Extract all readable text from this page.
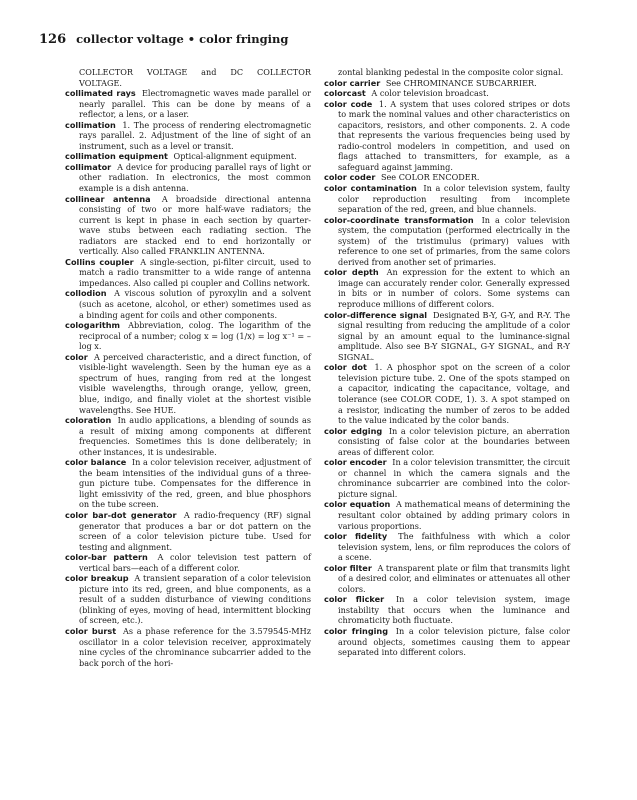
126 collector voltage • color fringing

COLLECTOR VOLTAGE and DC COLLECTOR VOLTAGE.

collimated rays Electromagnetic waves made parallel or nearly parallel. This can be done by means of a reflector, a lens, or a laser.

collimation 1. The process of rendering electromagnetic rays parallel. 2. Adjustment of the line of sight of an instrument, such as a level or transit.

collimation equipment Optical-alignment equipment.

collimator A device for producing parallel rays of light or other radiation. In electronics, the most common example is a dish antenna.

collinear antenna A broadside directional antenna consisting of two or more half-wave radiators; the current is kept in phase in each section by quarter-wave stubs between each radiating section. The radiators are stacked end to end horizontally or vertically. Also called FRANKLIN ANTENNA.

Collins coupler A single-section, pi-filter circuit, used to match a radio transmitter to a wide range of antenna impedances. Also called pi coupler and Collins network.

collodion A viscous solution of pyroxylin and a solvent (such as acetone, alcohol, or ether) sometimes used as a binding agent for coils and other components.

cologarithm Abbreviation, colog. The logarithm of the reciprocal of a number; colog x = log (1/x) = log x⁻¹ = –log x.

color A perceived characteristic, and a direct function, of visible-light wavelength. Seen by the human eye as a spectrum of hues, ranging from red at the longest visible wavelengths, through orange, yellow, green, blue, indigo, and finally violet at the shortest visible wavelengths. See HUE.

coloration In audio applications, a blending of sounds as a result of mixing among components at different frequencies. Sometimes this is done deliberately; in other instances, it is undesirable.

color balance In a color television receiver, adjustment of the beam intensities of the individual guns of a three-gun picture tube. Compensates for the difference in light emissivity of the red, green, and blue phosphors on the tube screen.

color bar-dot generator A radio-frequency (RF) signal generator that produces a bar or dot pattern on the screen of a color television picture tube. Used for testing and alignment.

color-bar pattern A color television test pattern of vertical bars—each of a different color.

color breakup A transient separation of a color television picture into its red, green, and blue components, as a result of a sudden disturbance of viewing conditions (blinking of eyes, moving of head, intermittent blocking of screen, etc.).

color burst As a phase reference for the 3.579545-MHz oscillator in a color television receiver, approximately nine cycles of the chrominance subcarrier added to the back porch of the hori-

zontal blanking pedestal in the composite color signal.

color carrier See CHROMINANCE SUBCARRIER.

colorcast A color television broadcast.

color code 1. A system that uses colored stripes or dots to mark the nominal values and other characteristics on capacitors, resistors, and other components. 2. A code that represents the various frequencies being used by radio-control modelers in competition, and used on flags attached to transmitters, for example, as a safeguard against jamming.

color coder See COLOR ENCODER.

color contamination In a color television system, faulty color reproduction resulting from incomplete separation of the red, green, and blue channels.

color-coordinate transformation In a color television system, the computation (performed electrically in the system) of the tristimulus (primary) values with reference to one set of primaries, from the same colors derived from another set of primaries.

color depth An expression for the extent to which an image can accurately render color. Generally expressed in bits or in number of colors. Some systems can reproduce millions of different colors.

color-difference signal Designated B-Y, G-Y, and R-Y. The signal resulting from reducing the amplitude of a color signal by an amount equal to the luminance-signal amplitude. Also see B-Y SIGNAL, G-Y SIGNAL, and R-Y SIGNAL.

color dot 1. A phosphor spot on the screen of a color television picture tube. 2. One of the spots stamped on a capacitor, indicating the capacitance, voltage, and tolerance (see COLOR CODE, 1). 3. A spot stamped on a resistor, indicating the number of zeros to be added to the value indicated by the color bands.

color edging In a color television picture, an aberration consisting of false color at the boundaries between areas of different color.

color encoder In a color television transmitter, the circuit or channel in which the camera signals and the chrominance subcarrier are combined into the color-picture signal.

color equation A mathematical means of determining the resultant color obtained by adding primary colors in various proportions.

color fidelity The faithfulness with which a color television system, lens, or film reproduces the colors of a scene.

color filter A transparent plate or film that transmits light of a desired color, and eliminates or attenuates all other colors.

color flicker In a color television system, image instability that occurs when the luminance and chromaticity both fluctuate.

color fringing In a color television picture, false color around objects, sometimes causing them to appear separated into different colors.
